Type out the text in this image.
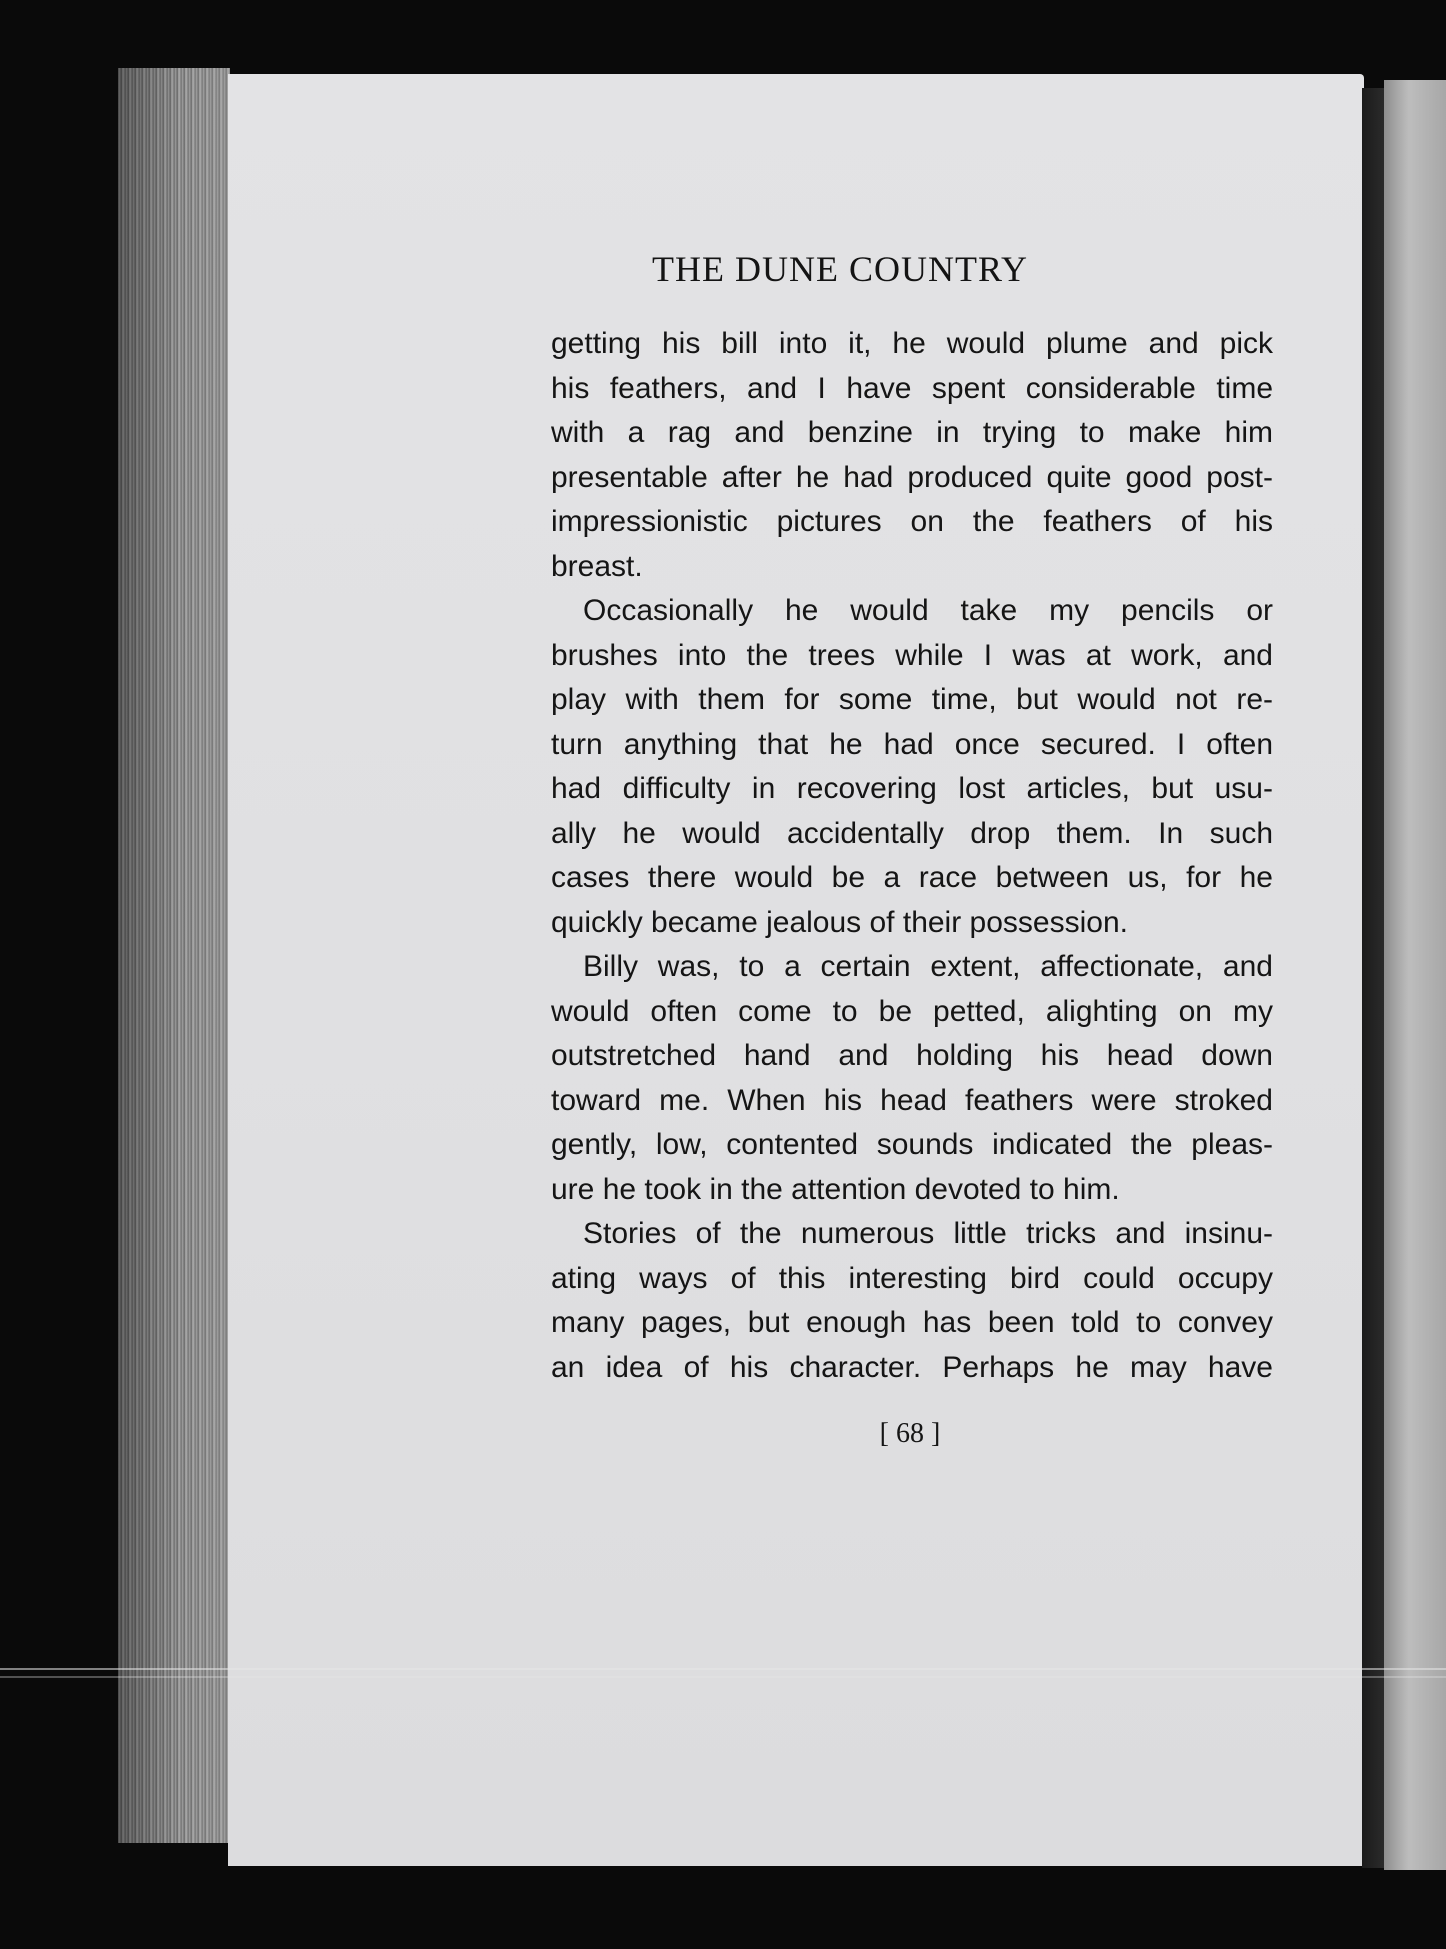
THE DUNE COUNTRY
getting his bill into it, he would plume and pick
his feathers, and I have spent considerable time
with a rag and benzine in trying to make him
presentable after he had produced quite good post-
impressionistic pictures on the feathers of his
breast.
Occasionally he would take my pencils or
brushes into the trees while I was at work, and
play with them for some time, but would not re-
turn anything that he had once secured. I often
had difficulty in recovering lost articles, but usu-
ally he would accidentally drop them. In such
cases there would be a race between us, for he
quickly became jealous of their possession.
Billy was, to a certain extent, affectionate, and
would often come to be petted, alighting on my
outstretched hand and holding his head down
toward me. When his head feathers were stroked
gently, low, contented sounds indicated the pleas-
ure he took in the attention devoted to him.
Stories of the numerous little tricks and insinu-
ating ways of this interesting bird could occupy
many pages, but enough has been told to convey
an idea of his character. Perhaps he may have
[ 68 ]
